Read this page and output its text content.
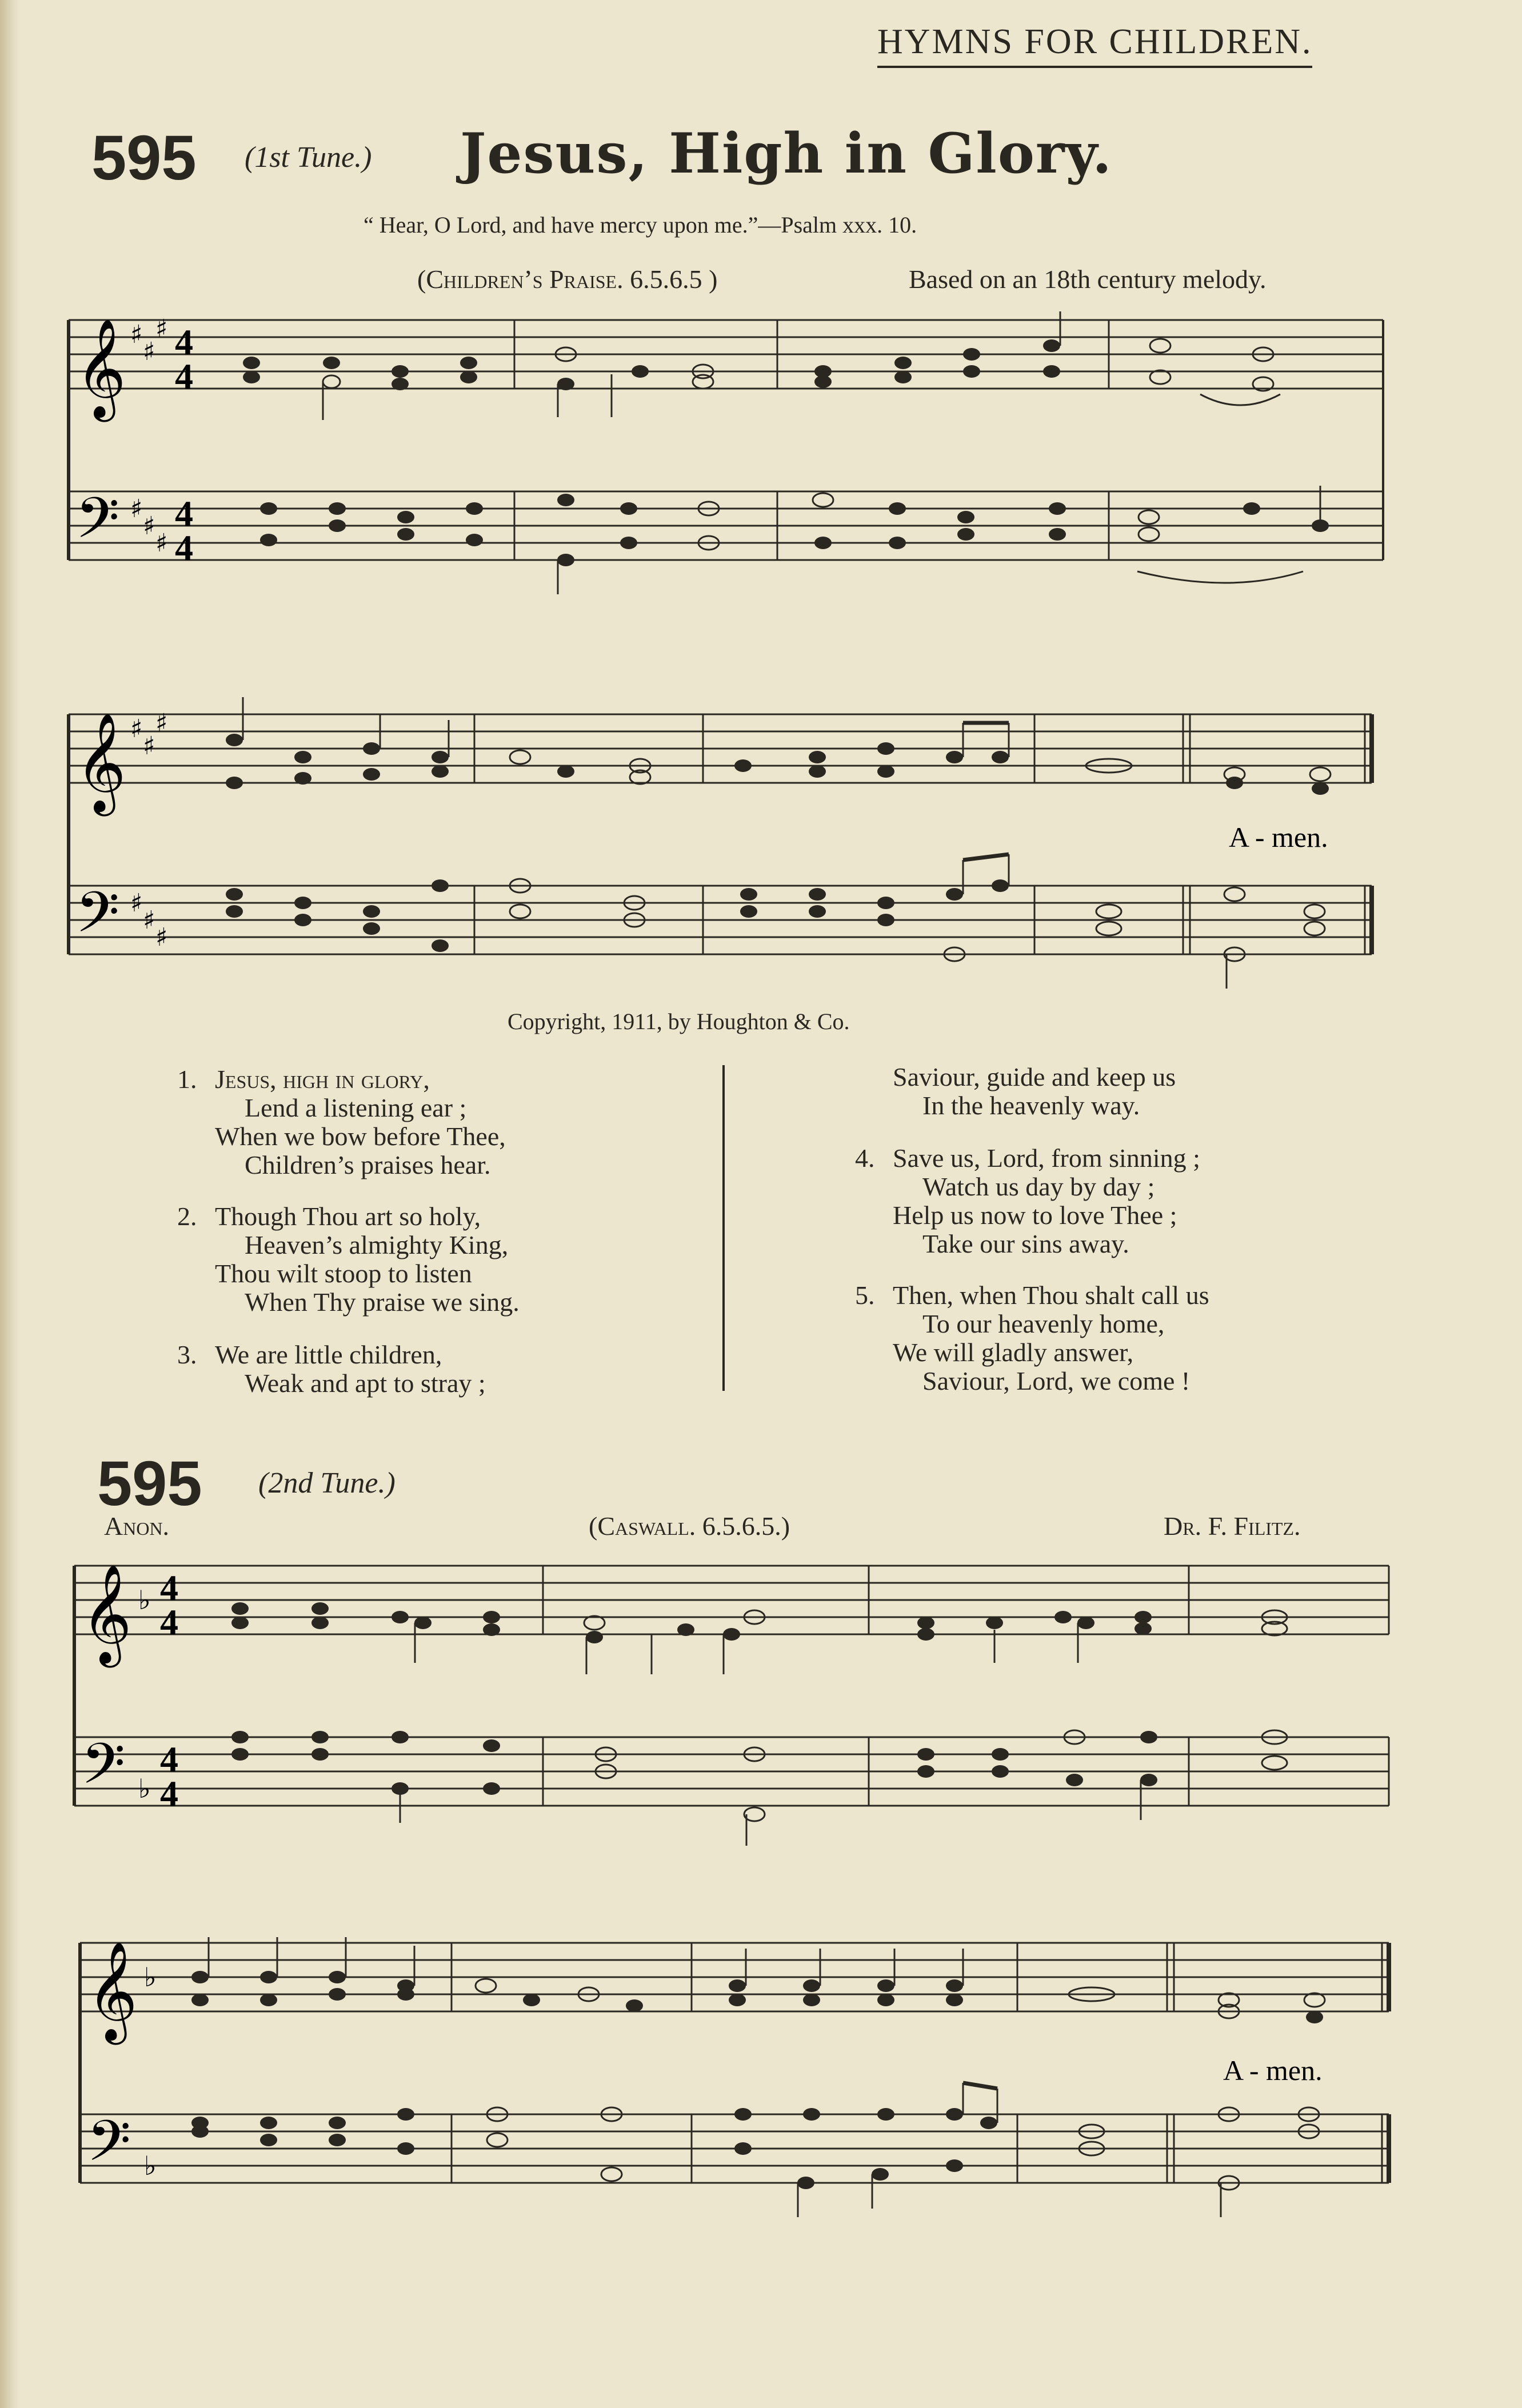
HYMNS FOR CHILDREN.
595 (1st Tune.) Jesus, High in Glory.
“ Hear, O Lord, and have mercy upon me.”—Psalm xxx. 10.
(Children’s Praise. 6.5.6.5 )	Based on an 18th century melody.
𝄞
𝄢
♯
♯
♯
♯
♯
♯
4
4
4
4
𝄞
𝄢
♯
♯
♯
♯
♯
♯
A - men.
Copyright, 1911, by Houghton & Co.
1. Jesus, high in glory,
Lend a listening ear ;
When we bow before Thee,
Children’s praises hear.
2. Though Thou art so holy,
Heaven’s almighty King,
Thou wilt stoop to listen
When Thy praise we sing.
3. We are little children,
Weak and apt to stray ;
Saviour, guide and keep us
In the heavenly way.
4. Save us, Lord, from sinning ;
Watch us day by day ;
Help us now to love Thee ;
Take our sins away.
5. Then, when Thou shalt call us
To our heavenly home,
We will gladly answer,
Saviour, Lord, we come !
595 (2nd Tune.)
Anon.	(Caswall. 6.5.6.5.)	Dr. F. Filitz.
𝄞
𝄢
♭
♭
4
4
4
4
𝄞
𝄢
♭
♭
A - men.
